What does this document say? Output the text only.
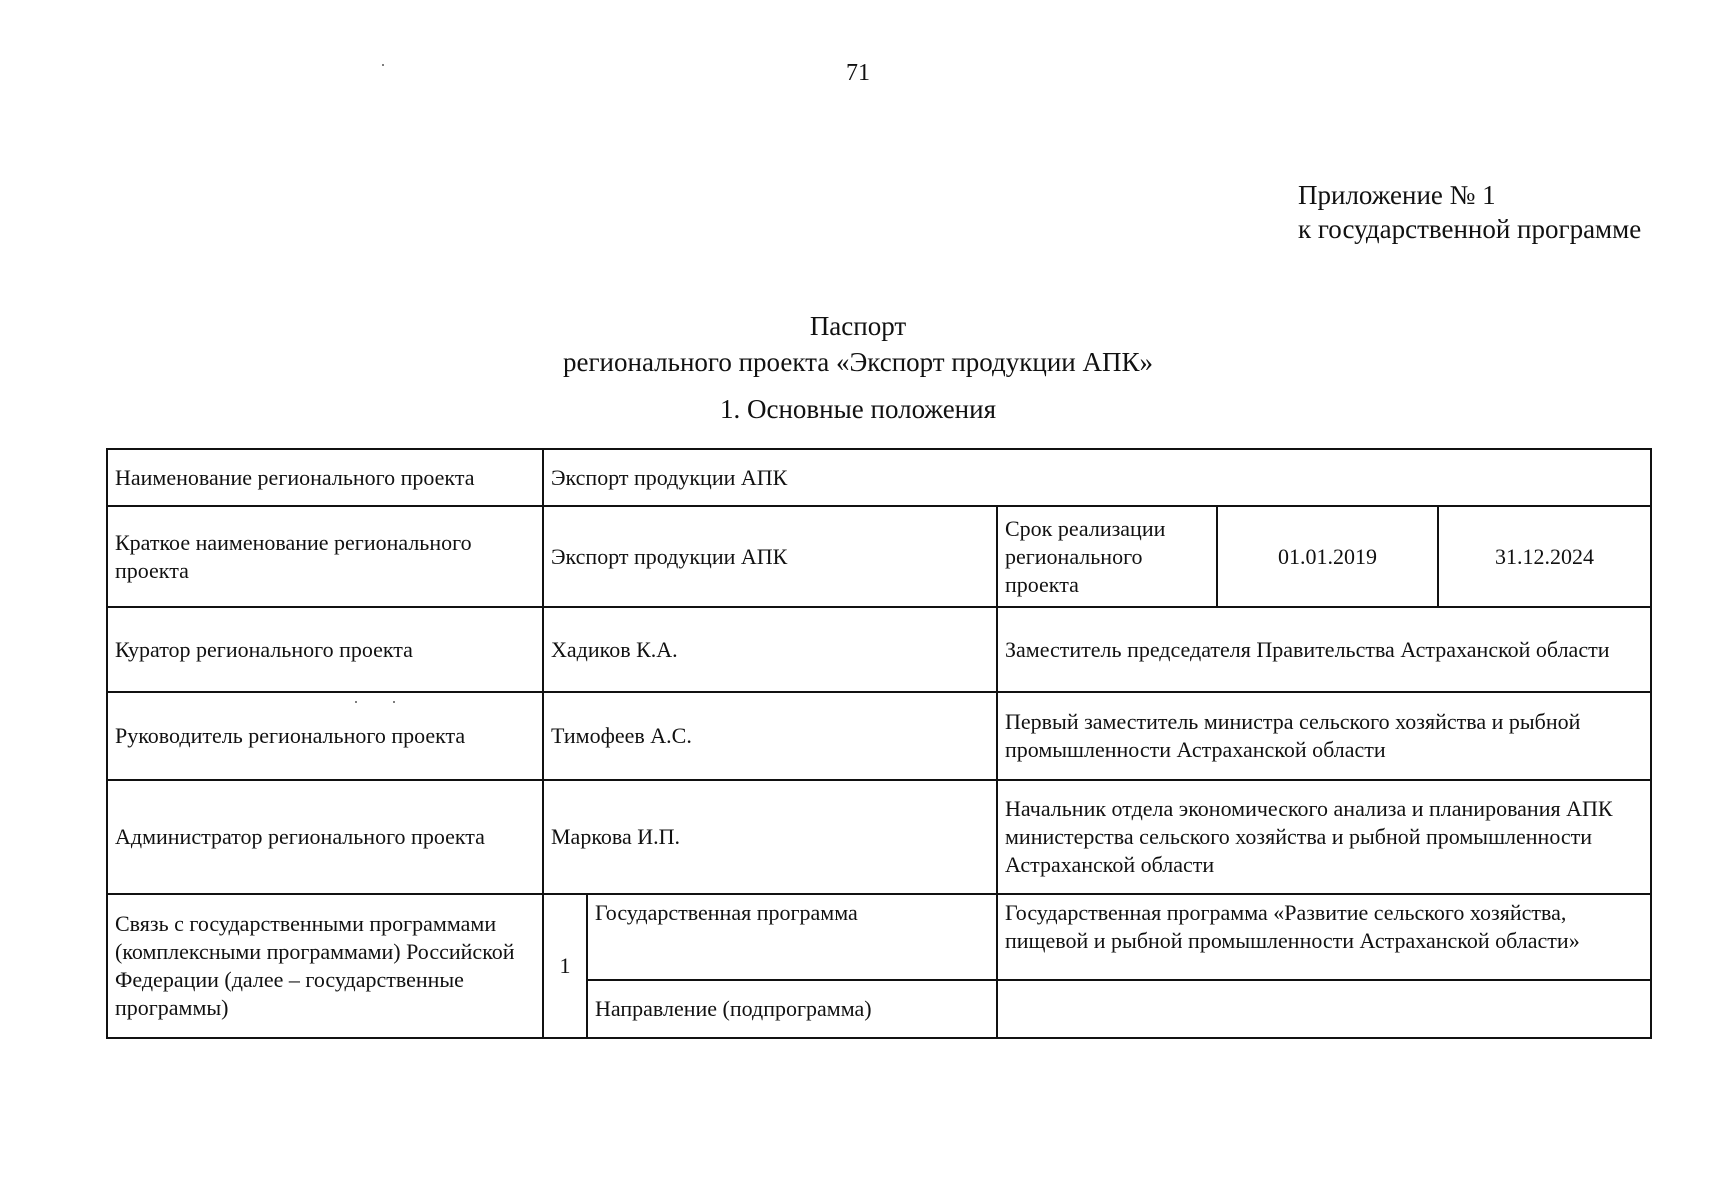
71
Приложение № 1
к государственной программе
Паспорт
регионального проекта «Экспорт продукции АПК»
1. Основные положения
Наименование регионального проекта	Экспорт продукции АПК				
Краткое наименование регионального проекта	Экспорт продукции АПК		Срок реализации регионального проекта	01.01.2019	31.12.2024
Куратор регионального проекта	Хадиков К.А.		Заместитель председателя Правительства Астраханской области		
Руководитель регионального проекта	Тимофеев А.С.		Первый заместитель министра сельского хозяйства и рыбной промышленности Астраханской области		
Администратор регионального проекта	Маркова И.П.		Начальник отдела экономического анализа и планирования АПК министерства сельского хозяйства и рыбной промышленности Астраханской области		
Связь с государственными программами (комплексными программами) Российской Федерации (далее – государственные программы)	1	Государственная программа	Государственная программа «Развитие сельского хозяйства, пищевой и рыбной промышленности Астраханской области»		
		Направление (подпрограмма)			
